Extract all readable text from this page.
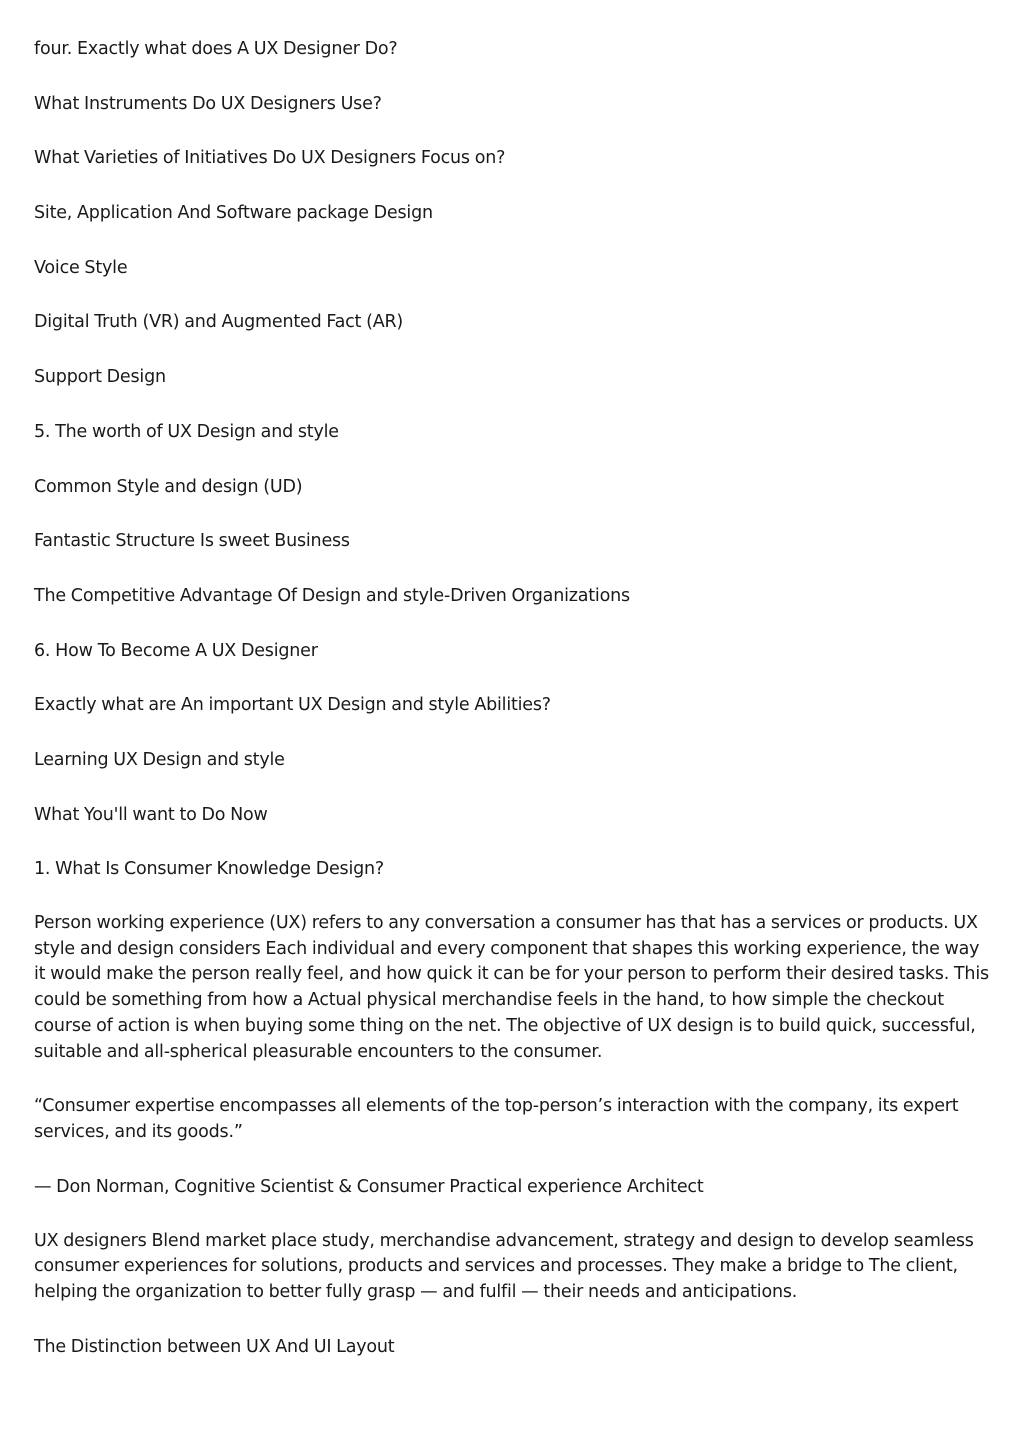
four. Exactly what does A UX Designer Do?

What Instruments Do UX Designers Use?

What Varieties of Initiatives Do UX Designers Focus on?

Site, Application And Software package Design

Voice Style

Digital Truth (VR) and Augmented Fact (AR)

Support Design

5. The worth of UX Design and style

Common Style and design (UD)

Fantastic Structure Is sweet Business

The Competitive Advantage Of Design and style-Driven Organizations

6. How To Become A UX Designer

Exactly what are An important UX Design and style Abilities?

Learning UX Design and style

What You'll want to Do Now

1. What Is Consumer Knowledge Design?

Person working experience (UX) refers to any conversation a consumer has that has a services or products. UX style and design considers Each individual and every component that shapes this working experience, the way it would make the person really feel, and how quick it can be for your person to perform their desired tasks. This could be something from how a Actual physical merchandise feels in the hand, to how simple the checkout course of action is when buying some thing on the net. The objective of UX design is to build quick, successful, suitable and all-spherical pleasurable encounters to the consumer.

“Consumer expertise encompasses all elements of the top-person’s interaction with the company, its expert services, and its goods.”

— Don Norman, Cognitive Scientist & Consumer Practical experience Architect

UX designers Blend market place study, merchandise advancement, strategy and design to develop seamless consumer experiences for solutions, products and services and processes. They make a bridge to The client, helping the organization to better fully grasp — and fulfil — their needs and anticipations.

The Distinction between UX And UI Layout
